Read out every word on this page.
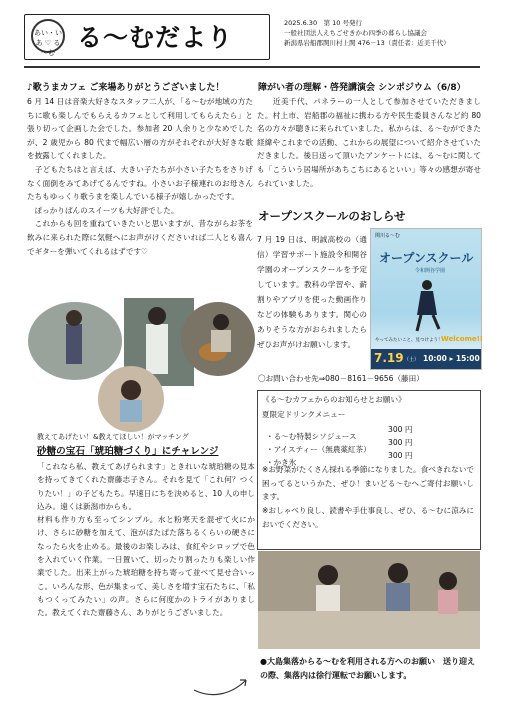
あい・いあ ♡ る～む
る～むだより	2025.6.30　第 10 号発行
一般社団法人えちごせきかわ四季の暮らし協議会
新潟県岩船郡関川村上関 476－13（責任者：近美千代）
♪歌うまカフェ ご来場ありがとうございました！
6 月 14 日は音楽大好きなスタッフ二人が、「る～むが地域の方たちに歌も楽しんでもらえるカフェとして利用してもらえたら」と張り切って企画した会でした。参加者 20 人余りと少なめでしたが、2 歳児から 80 代まで幅広い層の方がそれぞれが大好きな歌を披露してくれました。
　子どもたちはと言えば、大きい子たちが小さい子たちをさりげなく面倒をみてあげてるんですね。小さいお子様連れのお母さんたちもゆっくり歌うまを楽しんでいる様子が嬉しかったです。
　ぽっかりぱんのスイーツも大好評でした。
　これからも回を重ねていきたいと思いますが、昔ながらお茶を飲みに来られた際に気軽へにお声がけくださいれば二人とも喜んでギターを弾いてくれるはずです♡
教えてあげたい！&教えてほしい！がマッチング
砂糖の宝石「琥珀糖づくり」にチャレンジ
「これなら私、教えてあげられます」ときれいな琥珀糖の見本を持ってきてくれた齋藤志子さん。それを見て「これ何？つくりたい！」の子どもたち。早速日にちを決めると、10 人の申し込み。遠くは新潟市からも。
材料も作り方も至ってシンプル。水と粉寒天を混ぜて火にかけ、さらに砂糖を加えて、泡がぱたぱた落ちるくらいの硬さになったら火を止める。最後のお楽しみは、食紅やシロップで色を入れていく作業。一日置いて、切ったり割ったりも楽しい作業でした。出来上がった琥珀糖を持ち寄って並べて見せ合いっこ。いろんな形、色が集まって、美しさを増す宝石たちに、「私もつくってみたい」の声。さらに何度かのトライがありました。教えてくれた齋藤さん、ありがとうございました。
障がい者の理解・啓発講演会 シンポジウム（6/8）
近美千代、パネラーの一人として参加させていただきました。村上市、岩船郡の福祉に携わる方や民生委員さんなど約 80 名の方々が聴きに来られていました。私からは、る～むができた経緯やこれまでの活動、これからの展望について紹介させていただきました。後日送って頂いたアンケートには、る～むに関しても「こういう居場所があちこちにあるといい」等々の感想が寄せられていました。
オープンスクールのおしらせ
7 月 19 日は、明誠高校の（通信）学習サポート施設令和開谷学園のオープンスクールを予定しています。教科の学習や、薪割りやアプリを使った動画作りなどの体験もあります。関心のありそうな方がおられましたらぜひお声がけお願いします。
〇お問い合わせ先⇒080－8161－9656（藤田）
関川る〜む
オープンスクール
令和開谷学園
やってみたいこと、見つけよう！
Welcome!!
7.19 （土） 10:00 ▸ 15:00
《る～むカフェからのお知らせとお願い》
夏限定ドリンクメニュー
・る～む特製シソジュース
300 円
・アイスティー（無農薬紅茶）
300 円
・かき氷
300 円
※お野菜がたくさん採れる季節になりました。食べきれないで困ってるというかた、ぜひ！まいどる～むへご寄付お願いします。
※おしゃべり良し、読書や手仕事良し、ぜひ、る～むに涼みにおいでください。
●大島集落からる～むを利用される方へのお願い　送り迎えの際、集落内は徐行運転でお願いします。
